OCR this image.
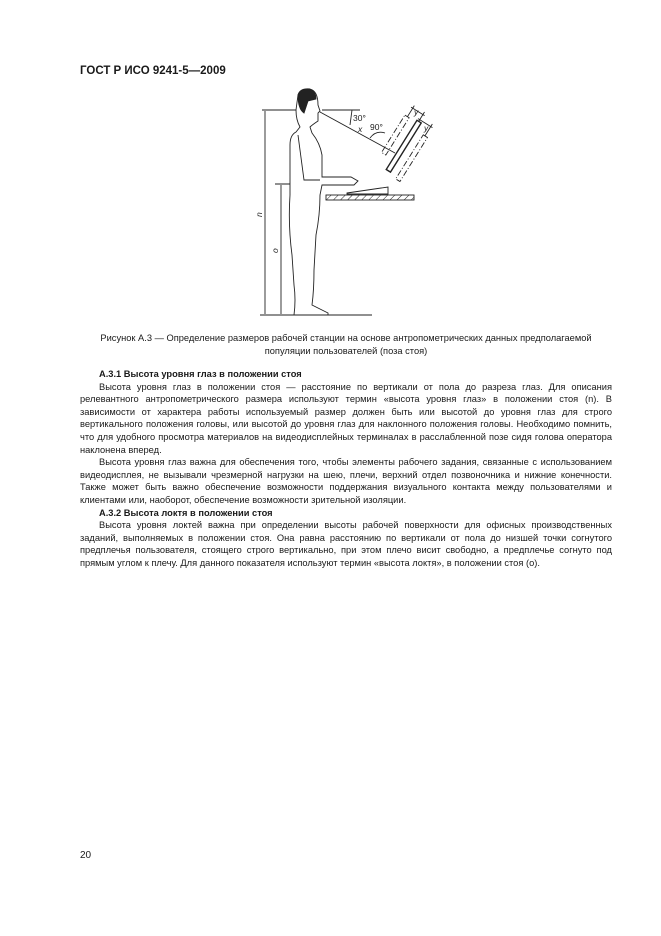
ГОСТ Р ИСО 9241-5—2009
30°
x 90°
y
y
n
o
Рисунок А.3 — Определение размеров рабочей станции на основе антропометрических данных предполагаемой популяции пользователей (поза стоя)
А.3.1 Высота уровня глаз в положении стоя

Высота уровня глаз в положении стоя — расстояние по вертикали от пола до разреза глаз. Для описания релевантного антропометрического размера используют термин «высота уровня глаз» в положении стоя (n). В зависимости от характера работы используемый размер должен быть или высотой до уровня глаз для строго вертикального положения головы, или высотой до уровня глаз для наклонного положения головы. Необходимо помнить, что для удобного просмотра материалов на видеодисплейных терминалах в расслабленной позе сидя голова оператора наклонена вперед.

Высота уровня глаз важна для обеспечения того, чтобы элементы рабочего задания, связанные с использованием видеодисплея, не вызывали чрезмерной нагрузки на шею, плечи, верхний отдел позвоночника и нижние конечности. Также может быть важно обеспечение возможности поддержания визуального контакта между пользователями и клиентами или, наоборот, обеспечение возможности зрительной изоляции.

А.3.2 Высота локтя в положении стоя

Высота уровня локтей важна при определении высоты рабочей поверхности для офисных производственных заданий, выполняемых в положении стоя. Она равна расстоянию по вертикали от пола до низшей точки согнутого предплечья пользователя, стоящего строго вертикально, при этом плечо висит свободно, а предплечье согнуто под прямым углом к плечу. Для данного показателя используют термин «высота локтя», в положении стоя (o).

20
